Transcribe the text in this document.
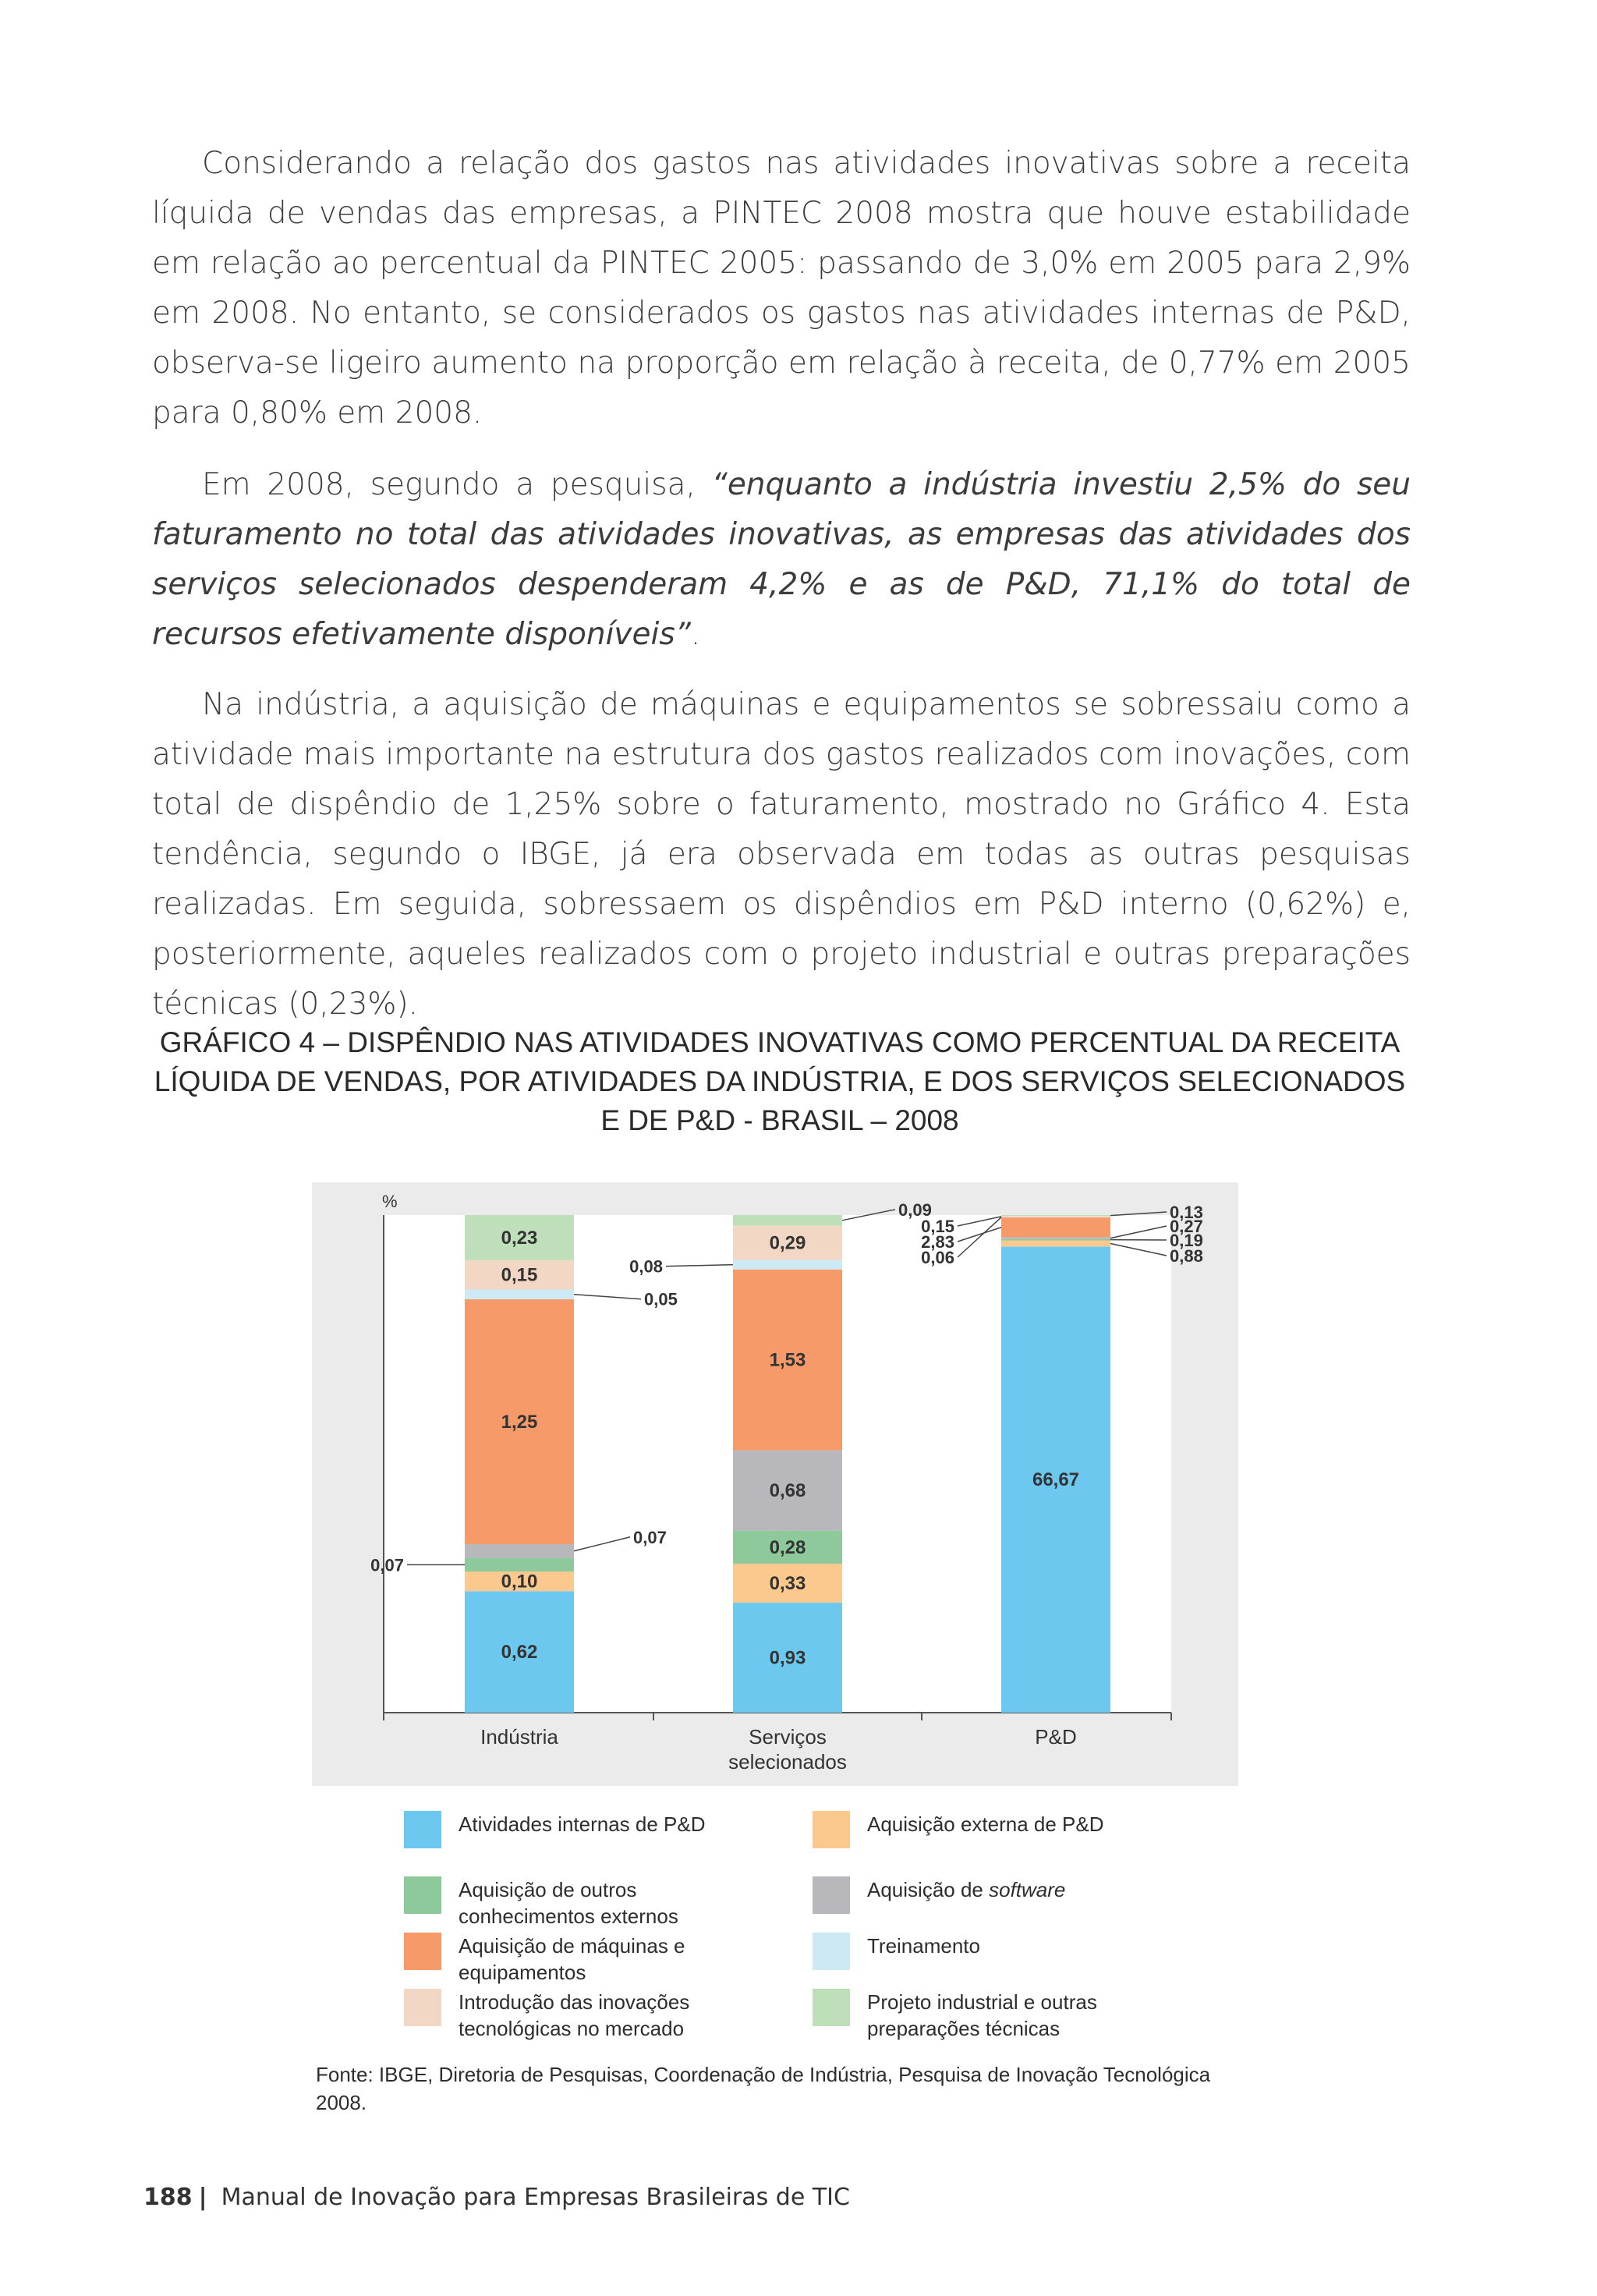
Considerando a relação dos gastos nas atividades inovativas sobre a receita líquida de vendas das empresas, a PINTEC 2008 mostra que houve estabilidade em relação ao percentual da PINTEC 2005: passando de 3,0% em 2005 para 2,9% em 2008. No entanto, se considerados os gastos nas atividades internas de P&D, observa-se ligeiro aumento na proporção em relação à receita, de 0,77% em 2005 para 0,80% em 2008.

Em 2008, segundo a pesquisa, “enquanto a indústria investiu 2,5% do seu faturamento no total das atividades inovativas, as empresas das atividades dos serviços selecionados despenderam 4,2% e as de P&D, 71,1% do total de recursos efetivamente disponíveis”.

Na indústria, a aquisição de máquinas e equipamentos se sobressaiu como a atividade mais importante na estrutura dos gastos realizados com inovações, com total de dispêndio de 1,25% sobre o faturamento, mostrado no Gráfico 4. Esta tendência, segundo o IBGE, já era observada em todas as outras pesquisas realizadas. Em seguida, sobressaem os dispêndios em P&D interno (0,62%) e, posteriormente, aqueles realizados com o projeto industrial e outras preparações técnicas (0,23%).

GRÁFICO 4 – DISPÊNDIO NAS ATIVIDADES INOVATIVAS COMO PERCENTUAL DA RECEITA
LÍQUIDA DE VENDAS, POR ATIVIDADES DA INDÚSTRIA, E DOS SERVIÇOS SELECIONADOS
E DE P&D - BRASIL – 2008
%
0,62
0,10
0,07
0,07
1,25
0,05
0,15
0,23
Indústria
0,93
0,33
0,28
0,68
1,53
0,08
0,29
0,09
Serviços
selecionados
66,67
0,88
0,19
0,27
2,83
0,06
0,15
0,13
P&D
Atividades internas de P&D	Aquisição externa de P&D
Aquisição de outros conhecimentos externos
Aquisição de software
Aquisição de máquinas e equipamentos
Treinamento
Introdução das inovações tecnológicas no mercado
Projeto industrial e outras preparações técnicas

Fonte: IBGE, Diretoria de Pesquisas, Coordenação de Indústria, Pesquisa de Inovação Tecnológica 2008.

188 | Manual de Inovação para Empresas Brasileiras de TIC
